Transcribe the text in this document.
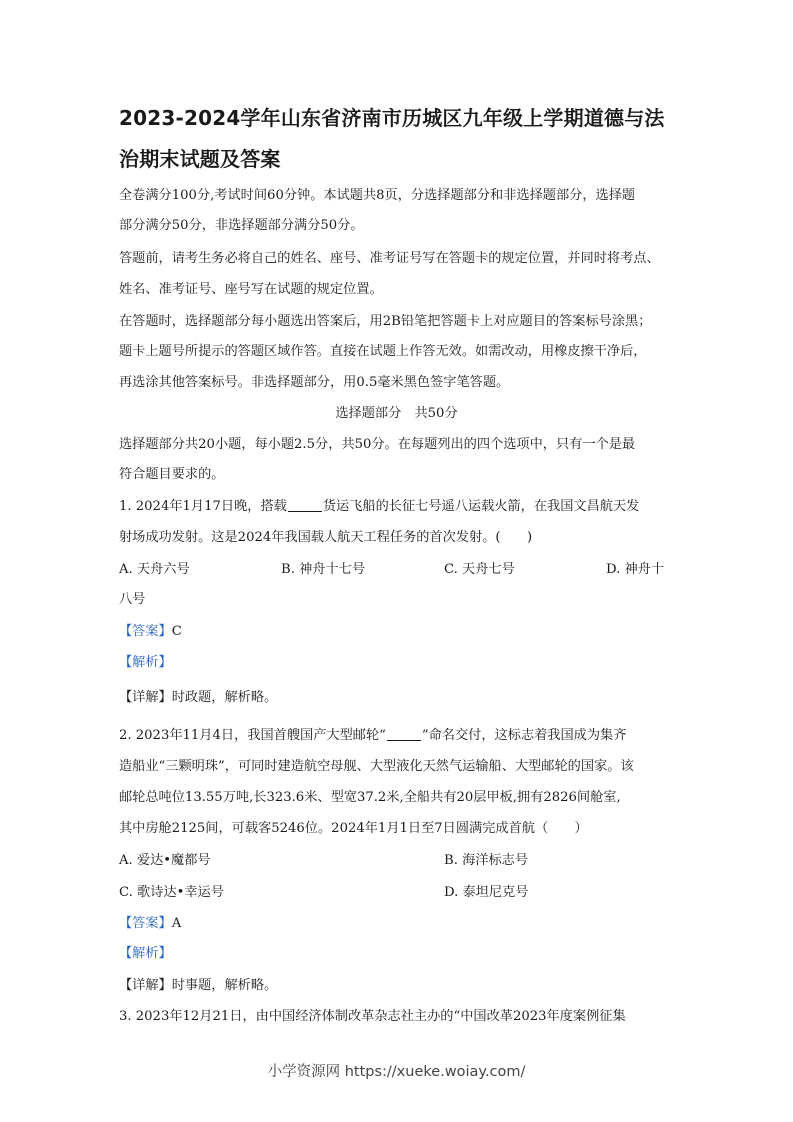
2023-2024学年山东省济南市历城区九年级上学期道德与法
治期末试题及答案
全卷满分100分,考试时间60分钟。本试题共8页，分选择题部分和非选择题部分，选择题
部分满分50分，非选择题部分满分50分。
答题前，请考生务必将自己的姓名、座号、准考证号写在答题卡的规定位置，并同时将考点、
姓名、准考证号、座号写在试题的规定位置。
在答题时，选择题部分每小题选出答案后，用2B铅笔把答题卡上对应题目的答案标号涂黑；
题卡上题号所提示的答题区域作答。直接在试题上作答无效。如需改动，用橡皮擦干净后，
再选涂其他答案标号。非选择题部分，用0.5毫米黑色签字笔答题。
选择题部分　共50分
选择题部分共20小题，每小题2.5分，共50分。在每题列出的四个选项中，只有一个是最
符合题目要求的。
1. 2024年1月17日晚，搭载	货运飞船的长征七号遥八运载火箭，在我国文昌航天发
射场成功发射。这是2024年我国载人航天工程任务的首次发射。(　　)
A. 天舟六号	B. 神舟十七号	C. 天舟七号	D. 神舟十
八号
【答案】C
【解析】
【详解】时政题，解析略。
2. 2023年11月4日，我国首艘国产大型邮轮“	”命名交付，这标志着我国成为集齐
造船业“三颗明珠”，可同时建造航空母舰、大型液化天然气运输船、大型邮轮的国家。该
邮轮总吨位13.55万吨,长323.6米、型宽37.2米,全船共有20层甲板,拥有2826间舱室,
其中房舱2125间，可载客5246位。2024年1月1日至7日圆满完成首航（　　）
A. 爱达•魔都号	B. 海洋标志号
C. 歌诗达•幸运号	D. 泰坦尼克号
【答案】A
【解析】
【详解】时事题，解析略。
3. 2023年12月21日，由中国经济体制改革杂志社主办的“中国改革2023年度案例征集
小学资源网 https://xueke.woiay.com/
